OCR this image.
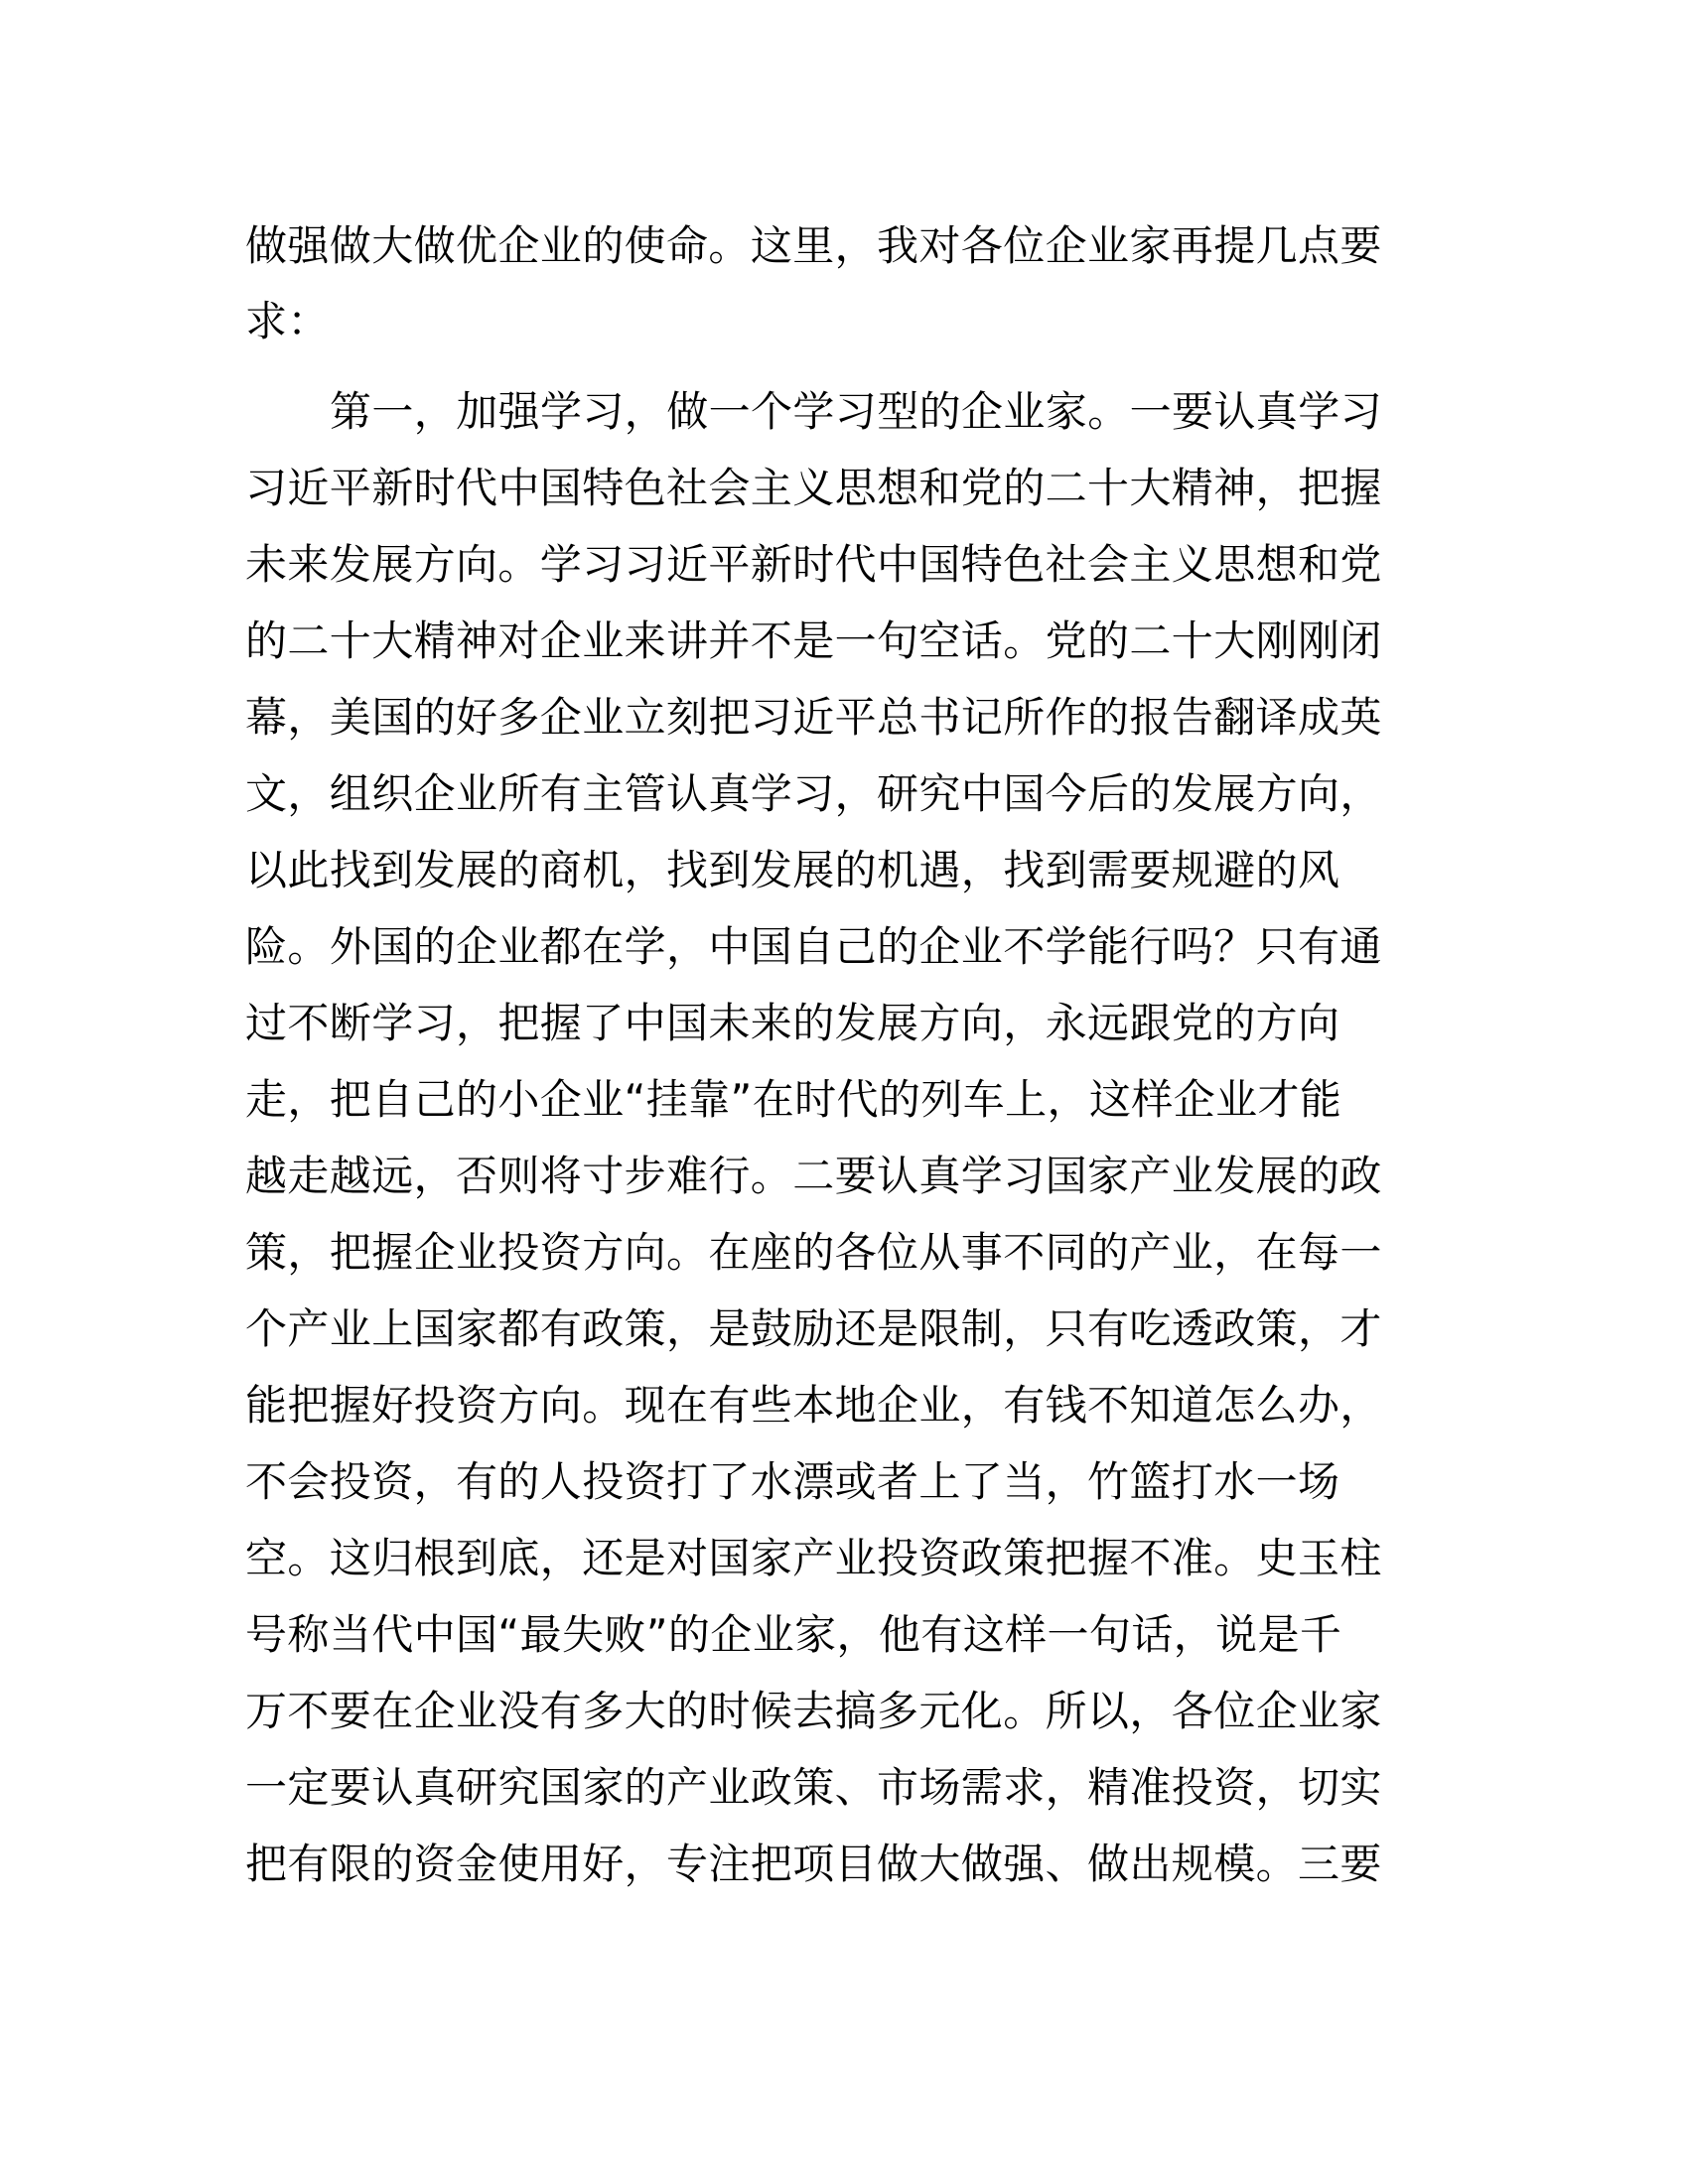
做强做大做优企业的使命。这里，我对各位企业家再提几点要
求：
第一，加强学习，做一个学习型的企业家。一要认真学习
习近平新时代中国特色社会主义思想和党的二十大精神，把握
未来发展方向。学习习近平新时代中国特色社会主义思想和党
的二十大精神对企业来讲并不是一句空话。党的二十大刚刚闭
幕，美国的好多企业立刻把习近平总书记所作的报告翻译成英
文，组织企业所有主管认真学习，研究中国今后的发展方向，
以此找到发展的商机，找到发展的机遇，找到需要规避的风
险。外国的企业都在学，中国自己的企业不学能行吗？只有通
过不断学习，把握了中国未来的发展方向，永远跟党的方向
走，把自己的小企业“挂靠”在时代的列车上，这样企业才能
越走越远，否则将寸步难行。二要认真学习国家产业发展的政
策，把握企业投资方向。在座的各位从事不同的产业，在每一
个产业上国家都有政策，是鼓励还是限制，只有吃透政策，才
能把握好投资方向。现在有些本地企业，有钱不知道怎么办，
不会投资，有的人投资打了水漂或者上了当，竹篮打水一场
空。这归根到底，还是对国家产业投资政策把握不准。史玉柱
号称当代中国“最失败”的企业家，他有这样一句话，说是千
万不要在企业没有多大的时候去搞多元化。所以，各位企业家
一定要认真研究国家的产业政策、市场需求，精准投资，切实
把有限的资金使用好，专注把项目做大做强、做出规模。三要
